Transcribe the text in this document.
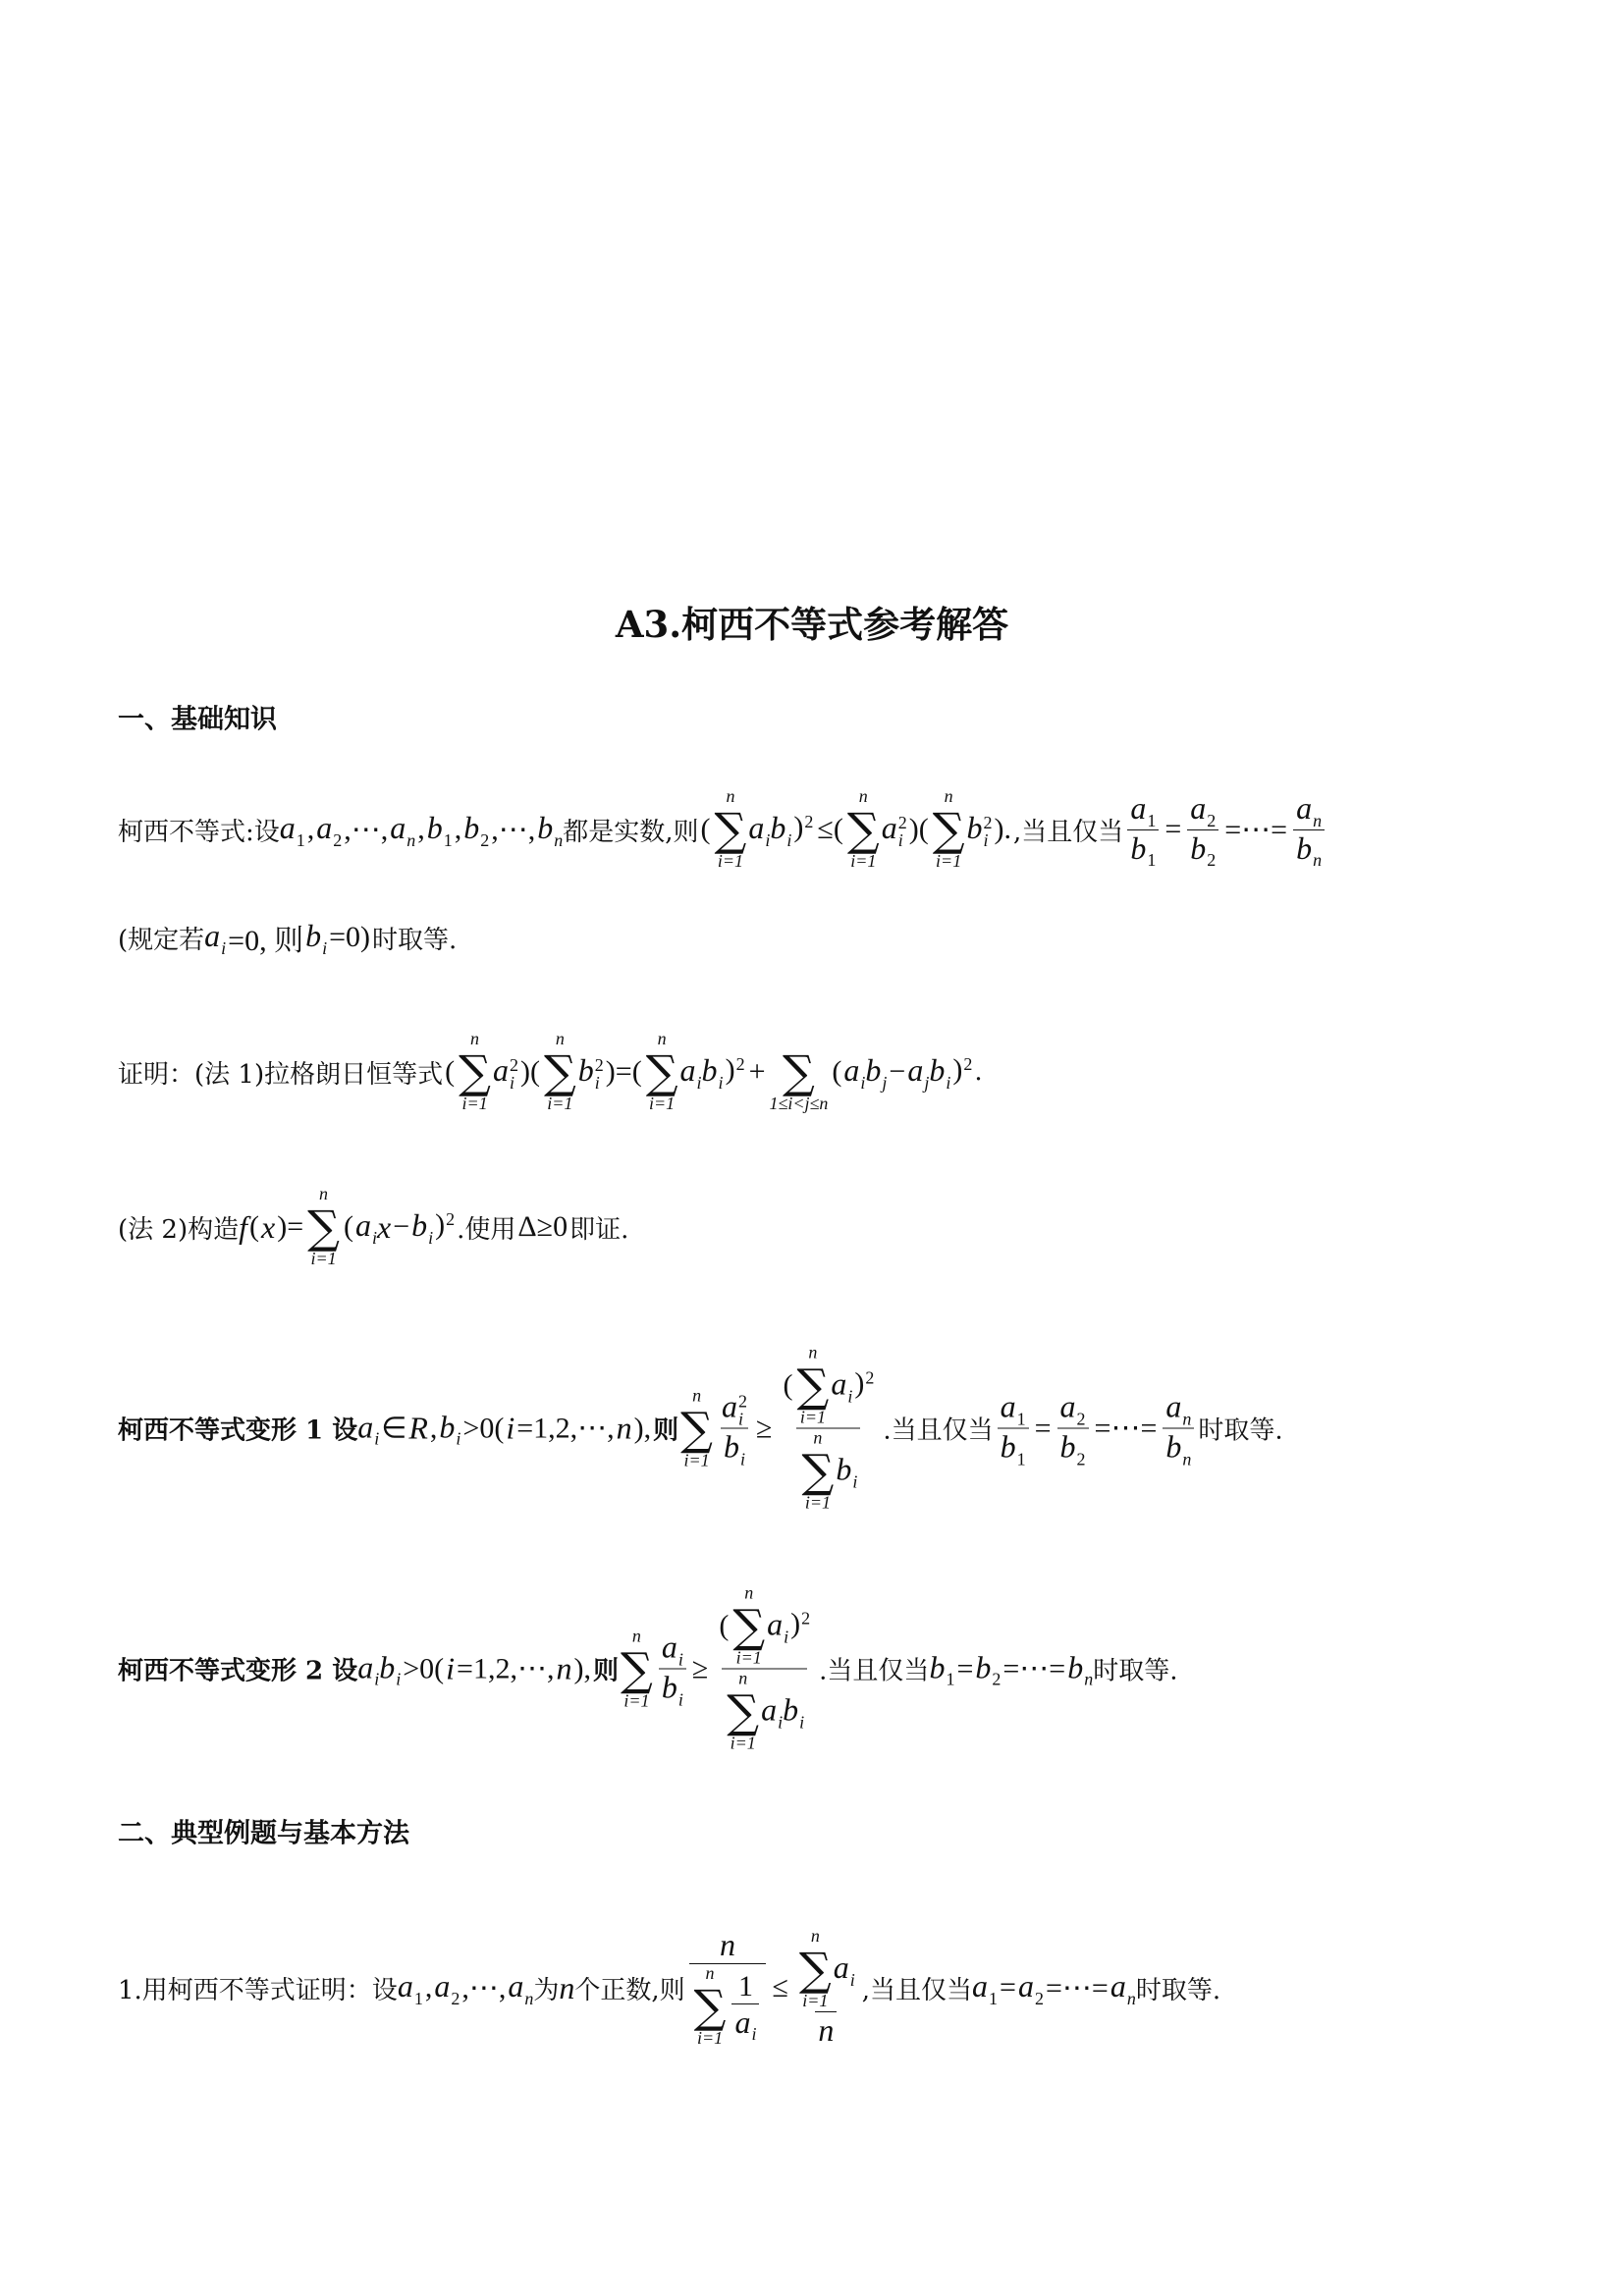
A3.柯西不等式参考解答
一、基础知识
柯西不等式:设 a
1 , a
2 ,⋯, a
n , b
1 , b
2 ,⋯, b
n 都是实数,则 (
n
∑
i=1
a
i b
i ) 2
≤(
n
∑
i=1
a 2
i )(
n
∑
i=1
b 2
i ). ,当且仅当 a
1
b
1 = a
2
b
2 =⋯= a
n
b
n
(规定若 a
i =0, 则 b
i =0) 时取等.
证明：(法 1)拉格朗日恒等式 (
n
∑
i=1
a 2
i )(
n
∑
i=1
b 2
i )=(
n
∑
i=1
a
i b
i ) 2
+
∑
1≤i<j≤n
( a
i b
j − a
j b
i ) 2
.
(法 2)构造 f ( x )=
n
∑
i=1
( a
i x − b
i ) 2
.使用 Δ≥0 即证.
柯西不等式变形 1 设 a
i ∈ R , b
i >0( i =1,2,⋯, n ), 则
n
∑
i=1 a 2
i
b
i ≥ (
n
∑
i=1
a
i ) 2

n
∑
i=1
b
i .当且仅当 a
1
b
1 = a
2
b
2 =⋯= a
n
b
n 时取等.
柯西不等式变形 2 设 a
i b
i >0( i =1,2,⋯, n ), 则
n
∑
i=1 a
i
b
i ≥ (
n
∑
i=1
a
i ) 2

n
∑
i=1
a
i b
i .当且仅当 b
1 = b
2 =⋯= b
n 时取等.
二、典型例题与基本方法
1.用柯西不等式证明：设 a
1 , a
2 ,⋯, a
n 为 n 个正数,则 n
n
∑
i=1 1
a
i ≤ n
∑
i=1
a
i
n ,当且仅当 a
1 = a
2 =⋯= a
n 时取等.
